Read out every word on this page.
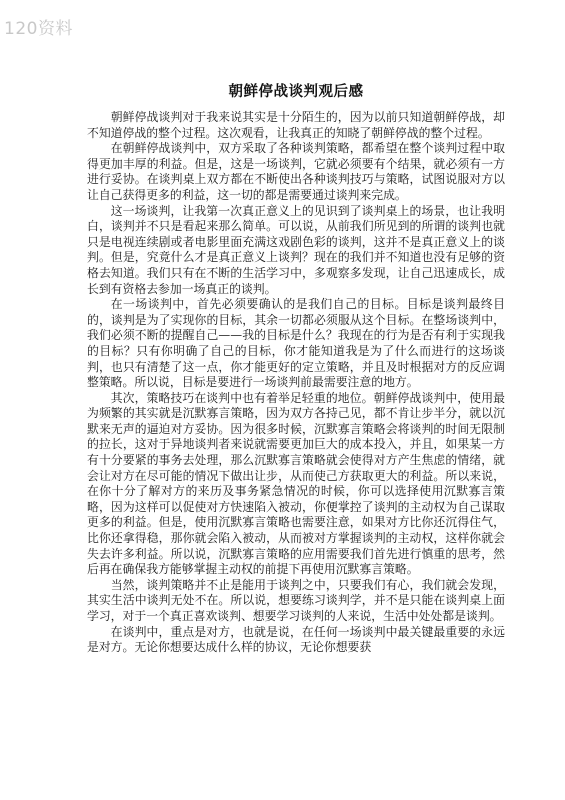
120资料
朝鲜停战谈判观后感

朝鲜停战谈判对于我来说其实是十分陌生的，因为以前只知道朝鲜停战，却不知道停战的整个过程。这次观看，让我真正的知晓了朝鲜停战的整个过程。

在朝鲜停战谈判中，双方采取了各种谈判策略，都希望在整个谈判过程中取得更加丰厚的利益。但是，这是一场谈判，它就必须要有个结果，就必须有一方进行妥协。在谈判桌上双方都在不断使出各种谈判技巧与策略，试图说服对方以让自己获得更多的利益，这一切的都是需要通过谈判来完成。

这一场谈判，让我第一次真正意义上的见识到了谈判桌上的场景，也让我明白，谈判并不只是看起来那么简单。可以说，从前我们所见到的所谓的谈判也就只是电视连续剧或者电影里面充满这戏剧色彩的谈判，这并不是真正意义上的谈判。但是，究竟什么才是真正意义上谈判？现在的我们并不知道也没有足够的资格去知道。我们只有在不断的生活学习中，多观察多发现，让自己迅速成长，成长到有资格去参加一场真正的谈判。

在一场谈判中，首先必须要确认的是我们自己的目标。目标是谈判最终目的，谈判是为了实现你的目标，其余一切都必须服从这个目标。在整场谈判中，我们必须不断的提醒自己——我的目标是什么？我现在的行为是否有利于实现我的目标？只有你明确了自己的目标，你才能知道我是为了什么而进行的这场谈判，也只有清楚了这一点，你才能更好的定立策略，并且及时根据对方的反应调整策略。所以说，目标是要进行一场谈判前最需要注意的地方。

其次，策略技巧在谈判中也有着举足轻重的地位。朝鲜停战谈判中，使用最为频繁的其实就是沉默寡言策略，因为双方各持己见，都不肯让步半分，就以沉默来无声的逼迫对方妥协。因为很多时候，沉默寡言策略会将谈判的时间无限制的拉长，这对于异地谈判者来说就需要更加巨大的成本投入，并且，如果某一方有十分要紧的事务去处理，那么沉默寡言策略就会使得对方产生焦虑的情绪，就会让对方在尽可能的情况下做出让步，从而使己方获取更大的利益。所以来说，在你十分了解对方的来历及事务紧急情况的时候，你可以选择使用沉默寡言策略，因为这样可以促使对方快速陷入被动，你便掌控了谈判的主动权为自己谋取更多的利益。但是，使用沉默寡言策略也需要注意，如果对方比你还沉得住气，比你还拿得稳，那你就会陷入被动，从而被对方掌握谈判的主动权，这样你就会失去许多利益。所以说，沉默寡言策略的应用需要我们首先进行慎重的思考，然后再在确保我方能够掌握主动权的前提下再使用沉默寡言策略。

当然，谈判策略并不止是能用于谈判之中，只要我们有心，我们就会发现，其实生活中谈判无处不在。所以说，想要练习谈判学，并不是只能在谈判桌上面学习，对于一个真正喜欢谈判、想要学习谈判的人来说，生活中处处都是谈判。

在谈判中，重点是对方，也就是说，在任何一场谈判中最关键最重要的永远是对方。无论你想要达成什么样的协议，无论你想要获
